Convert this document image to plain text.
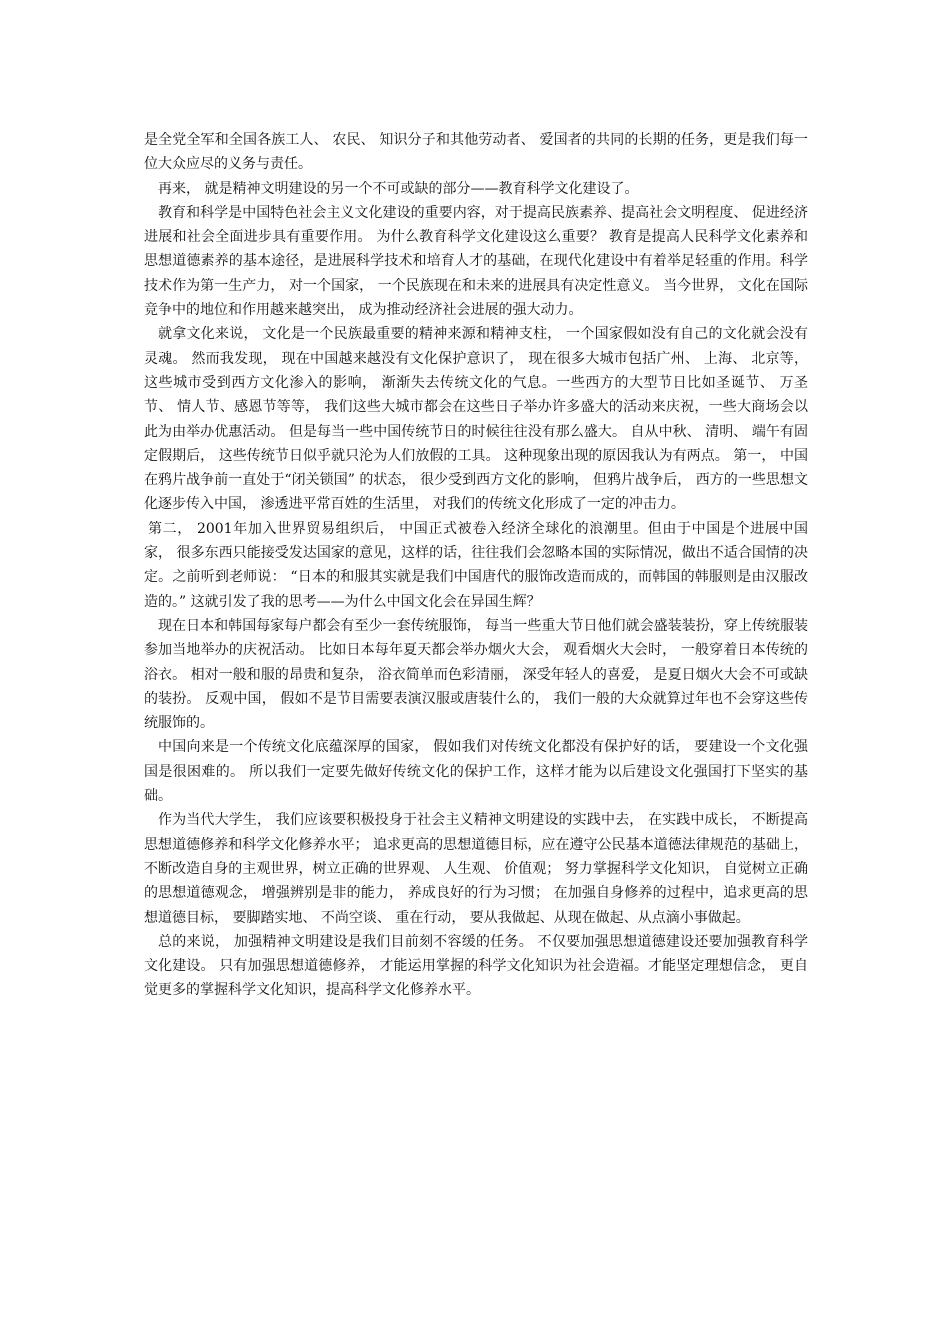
是全党全军和全国各族工人、 农民、 知识分子和其他劳动者、 爱国者的共同的长期的任务，更是我们每一位大众应尽的义务与责任。

再来， 就是精神文明建设的另一个不可或缺的部分——教育科学文化建设了。

教育和科学是中国特色社会主义文化建设的重要内容，对于提高民族素养、提高社会文明程度、 促进经济进展和社会全面进步具有重要作用。 为什么教育科学文化建设这么重要？ 教育是提高人民科学文化素养和思想道德素养的基本途径，是进展科学技术和培育人才的基础，在现代化建设中有着举足轻重的作用。科学技术作为第一生产力， 对一个国家， 一个民族现在和未来的进展具有决定性意义。 当今世界， 文化在国际竞争中的地位和作用越来越突出， 成为推动经济社会进展的强大动力。

就拿文化来说， 文化是一个民族最重要的精神来源和精神支柱， 一个国家假如没有自己的文化就会没有灵魂。 然而我发现， 现在中国越来越没有文化保护意识了， 现在很多大城市包括广州、 上海、 北京等， 这些城市受到西方文化渗入的影响， 渐渐失去传统文化的气息。一些西方的大型节日比如圣诞节、 万圣节、 情人节、感恩节等等， 我们这些大城市都会在这些日子举办许多盛大的活动来庆祝，一些大商场会以此为由举办优惠活动。 但是每当一些中国传统节日的时候往往没有那么盛大。 自从中秋、 清明、 端午有固定假期后， 这些传统节日似乎就只沦为人们放假的工具。 这种现象出现的原因我认为有两点。 第一， 中国在鸦片战争前一直处于“闭关锁国” 的状态， 很少受到西方文化的影响， 但鸦片战争后， 西方的一些思想文化逐步传入中国， 渗透进平常百姓的生活里， 对我们的传统文化形成了一定的冲击力。

第二， 2001年加入世界贸易组织后， 中国正式被卷入经济全球化的浪潮里。但由于中国是个进展中国家， 很多东西只能接受发达国家的意见，这样的话，往往我们会忽略本国的实际情况，做出不适合国情的决定。之前听到老师说： “日本的和服其实就是我们中国唐代的服饰改造而成的，而韩国的韩服则是由汉服改造的。” 这就引发了我的思考——为什么中国文化会在异国生辉？

现在日本和韩国每家每户都会有至少一套传统服饰， 每当一些重大节日他们就会盛装装扮，穿上传统服装参加当地举办的庆祝活动。 比如日本每年夏天都会举办烟火大会， 观看烟火大会时， 一般穿着日本传统的浴衣。 相对一般和服的昂贵和复杂， 浴衣简单而色彩清丽， 深受年轻人的喜爱， 是夏日烟火大会不可或缺的装扮。 反观中国， 假如不是节目需要表演汉服或唐装什么的， 我们一般的大众就算过年也不会穿这些传统服饰的。

中国向来是一个传统文化底蕴深厚的国家， 假如我们对传统文化都没有保护好的话， 要建设一个文化强国是很困难的。 所以我们一定要先做好传统文化的保护工作，这样才能为以后建设文化强国打下坚实的基础。

作为当代大学生， 我们应该要积极投身于社会主义精神文明建设的实践中去， 在实践中成长， 不断提高思想道德修养和科学文化修养水平； 追求更高的思想道德目标，应在遵守公民基本道德法律规范的基础上，不断改造自身的主观世界，树立正确的世界观、 人生观、 价值观； 努力掌握科学文化知识， 自觉树立正确的思想道德观念， 增强辨别是非的能力， 养成良好的行为习惯； 在加强自身修养的过程中，追求更高的思想道德目标， 要脚踏实地、 不尚空谈、 重在行动， 要从我做起、从现在做起、从点滴小事做起。

总的来说， 加强精神文明建设是我们目前刻不容缓的任务。 不仅要加强思想道德建设还要加强教育科学文化建设。 只有加强思想道德修养， 才能运用掌握的科学文化知识为社会造福。才能坚定理想信念， 更自觉更多的掌握科学文化知识，提高科学文化修养水平。
